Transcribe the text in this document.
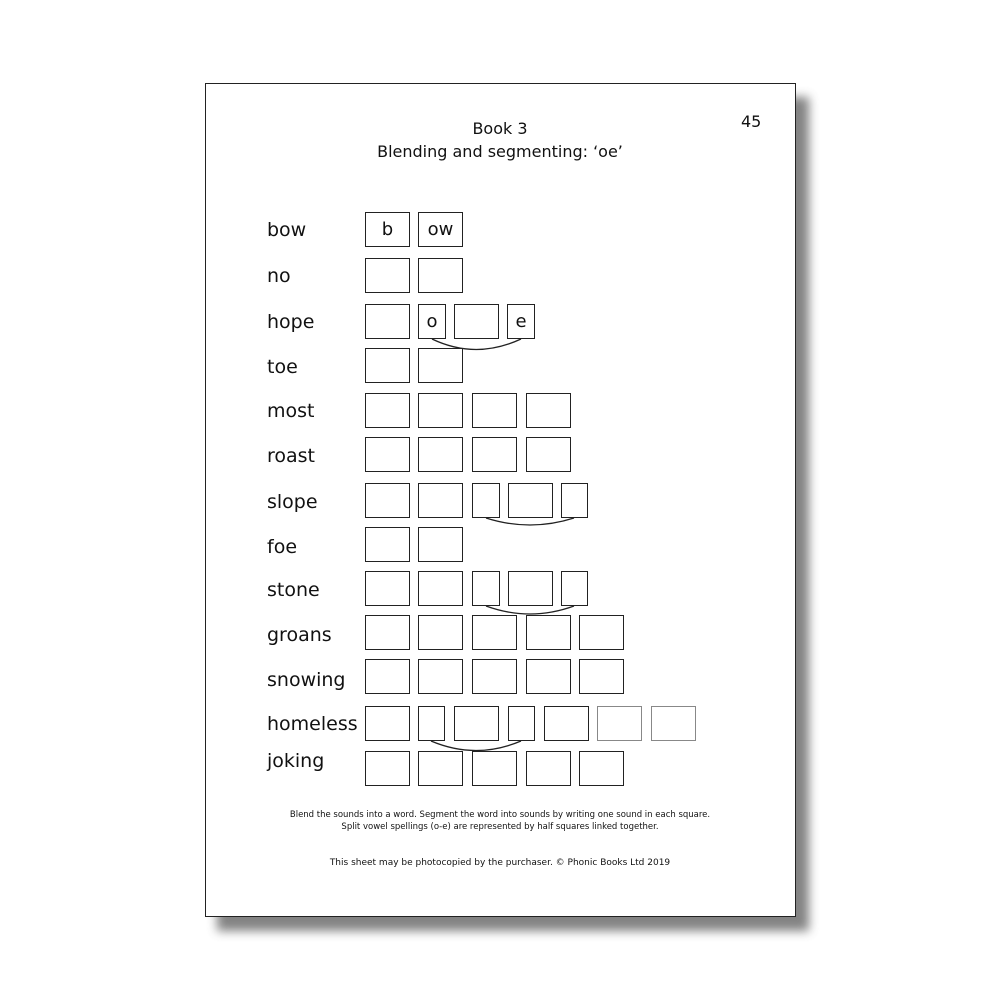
45
Book 3
Blending and segmenting: ‘oe’
bow
no
hope
toe
most
roast
slope
foe
stone
groans
snowing
homeless
joking
b	ow
o	e
Blend the sounds into a word. Segment the word into sounds by writing one sound in each square.
Split vowel spellings (o-e) are represented by half squares linked together.
This sheet may be photocopied by the purchaser. © Phonic Books Ltd 2019
